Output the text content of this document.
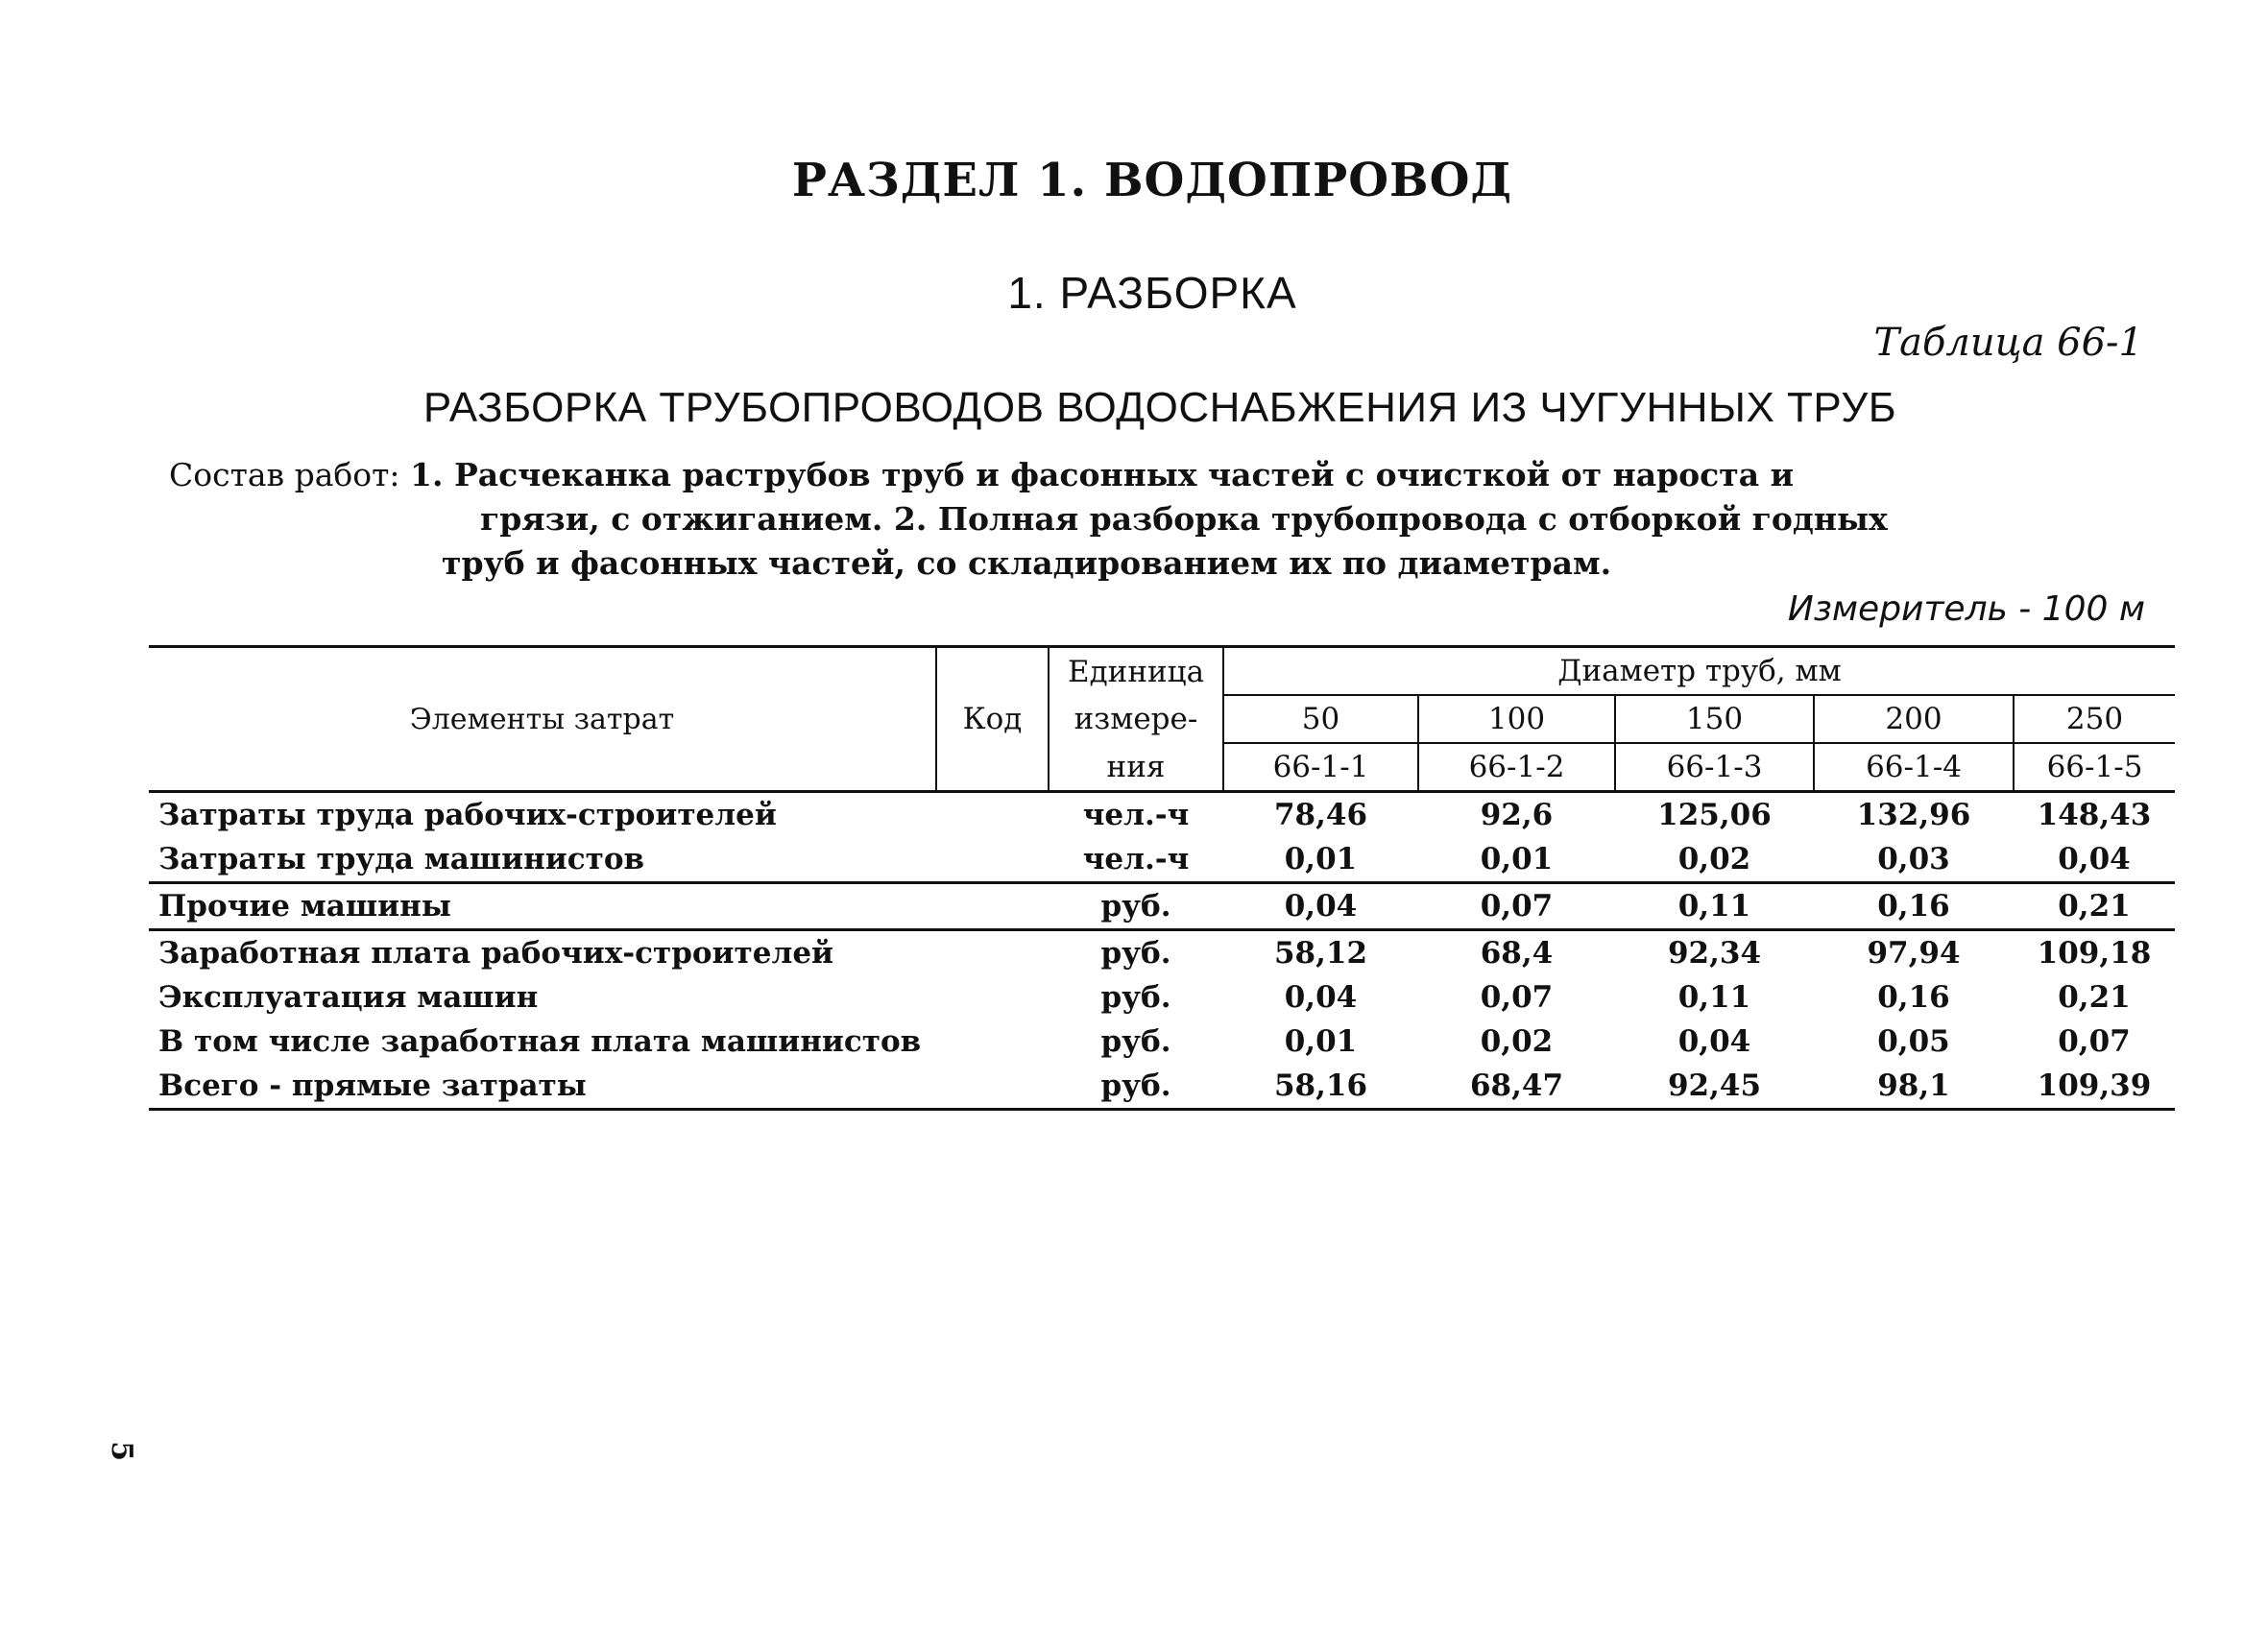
РАЗДЕЛ 1. ВОДОПРОВОД
1. РАЗБОРКА
Таблица 66-1
РАЗБОРКА ТРУБОПРОВОДОВ ВОДОСНАБЖЕНИЯ ИЗ ЧУГУННЫХ ТРУБ
Состав работ: 1. Расчеканка раструбов труб и фасонных частей с очисткой от нароста и
грязи, с отжиганием. 2. Полная разборка трубопровода с отборкой годных
труб и фасонных частей, со складированием их по диаметрам.
Измеритель - 100 м
Элементы затрат	Код	Единица	Диаметр труб, мм				
		измере-	50	100	150	200	250
		ния	66-1-1	66-1-2	66-1-3	66-1-4	66-1-5
Затраты труда рабочих-строителей		чел.-ч	78,46	92,6	125,06	132,96	148,43
Затраты труда машинистов		чел.-ч	0,01	0,01	0,02	0,03	0,04
Прочие машины		руб.	0,04	0,07	0,11	0,16	0,21
Заработная плата рабочих-строителей		руб.	58,12	68,4	92,34	97,94	109,18
Эксплуатация машин		руб.	0,04	0,07	0,11	0,16	0,21
В том числе заработная плата машинистов		руб.	0,01	0,02	0,04	0,05	0,07
Всего - прямые затраты		руб.	58,16	68,47	92,45	98,1	109,39
5
